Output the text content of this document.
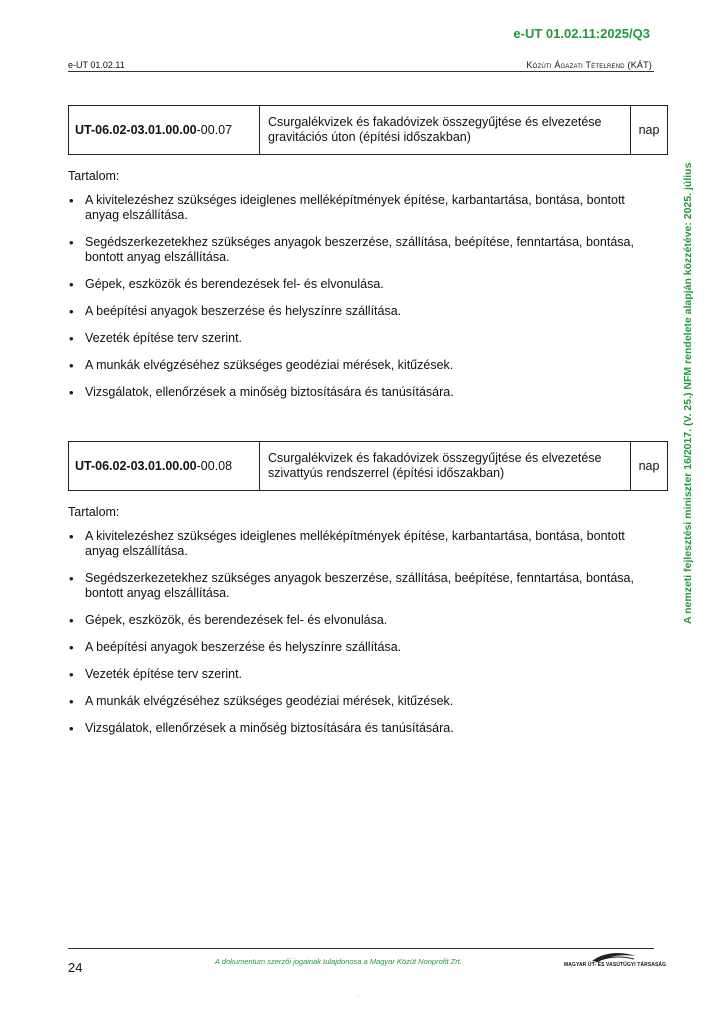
e-UT 01.02.11:2025/Q3
e-UT 01.02.11	Közúti Ágazati Tételrend (KÁT)
UT-06.02-03.01.00.00-00.07	Csurgalékvizek és fakadóvizek összegyűjtése és elvezetése gravitációs úton (építési időszakban)	nap
Tartalom:
• A kivitelezéshez szükséges ideiglenes melléképítmények építése, karbantartása, bontása, bontott anyag elszállítása.
• Segédszerkezetekhez szükséges anyagok beszerzése, szállítása, beépítése, fenntartása, bontása, bontott anyag elszállítása.
• Gépek, eszközök és berendezések fel- és elvonulása.
• A beépítési anyagok beszerzése és helyszínre szállítása.
• Vezeték építése terv szerint.
• A munkák elvégzéséhez szükséges geodéziai mérések, kitűzések.
• Vizsgálatok, ellenőrzések a minőség biztosítására és tanúsítására.
UT-06.02-03.01.00.00-00.08	Csurgalékvizek és fakadóvizek összegyűjtése és elvezetése szivattyús rendszerrel (építési időszakban)	nap
Tartalom:
• A kivitelezéshez szükséges ideiglenes melléképítmények építése, karbantartása, bontása, bontott anyag elszállítása.
• Segédszerkezetekhez szükséges anyagok beszerzése, szállítása, beépítése, fenntartása, bontása, bontott anyag elszállítása.
• Gépek, eszközök, és berendezések fel- és elvonulása.
• A beépítési anyagok beszerzése és helyszínre szállítása.
• Vezeték építése terv szerint.
• A munkák elvégzéséhez szükséges geodéziai mérések, kitűzések.
• Vizsgálatok, ellenőrzések a minőség biztosítására és tanúsítására.
A nemzeti fejlesztési miniszter 16/2017. (V. 25.) NFM rendelete alapján közzétéve: 2025. július
24	A dokumentum szerzői jogainak tulajdonosa a Magyar Közút Nonprofit Zrt.	MAGYAR ÚT- ÉS VASÚTÜGYI TÁRSASÁG
.
